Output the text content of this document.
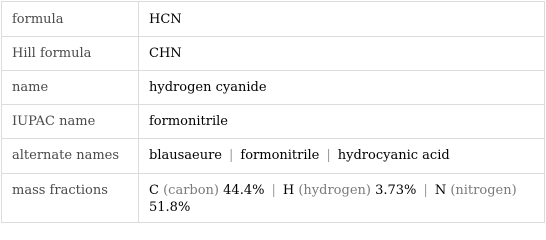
formula	HCN
Hill formula	CHN
name	hydrogen cyanide
IUPAC name	formonitrile
alternate names	blausaeure | formonitrile | hydrocyanic acid
mass fractions	C (carbon) 44.4% | H (hydrogen) 3.73% | N (nitrogen) 51.8%
